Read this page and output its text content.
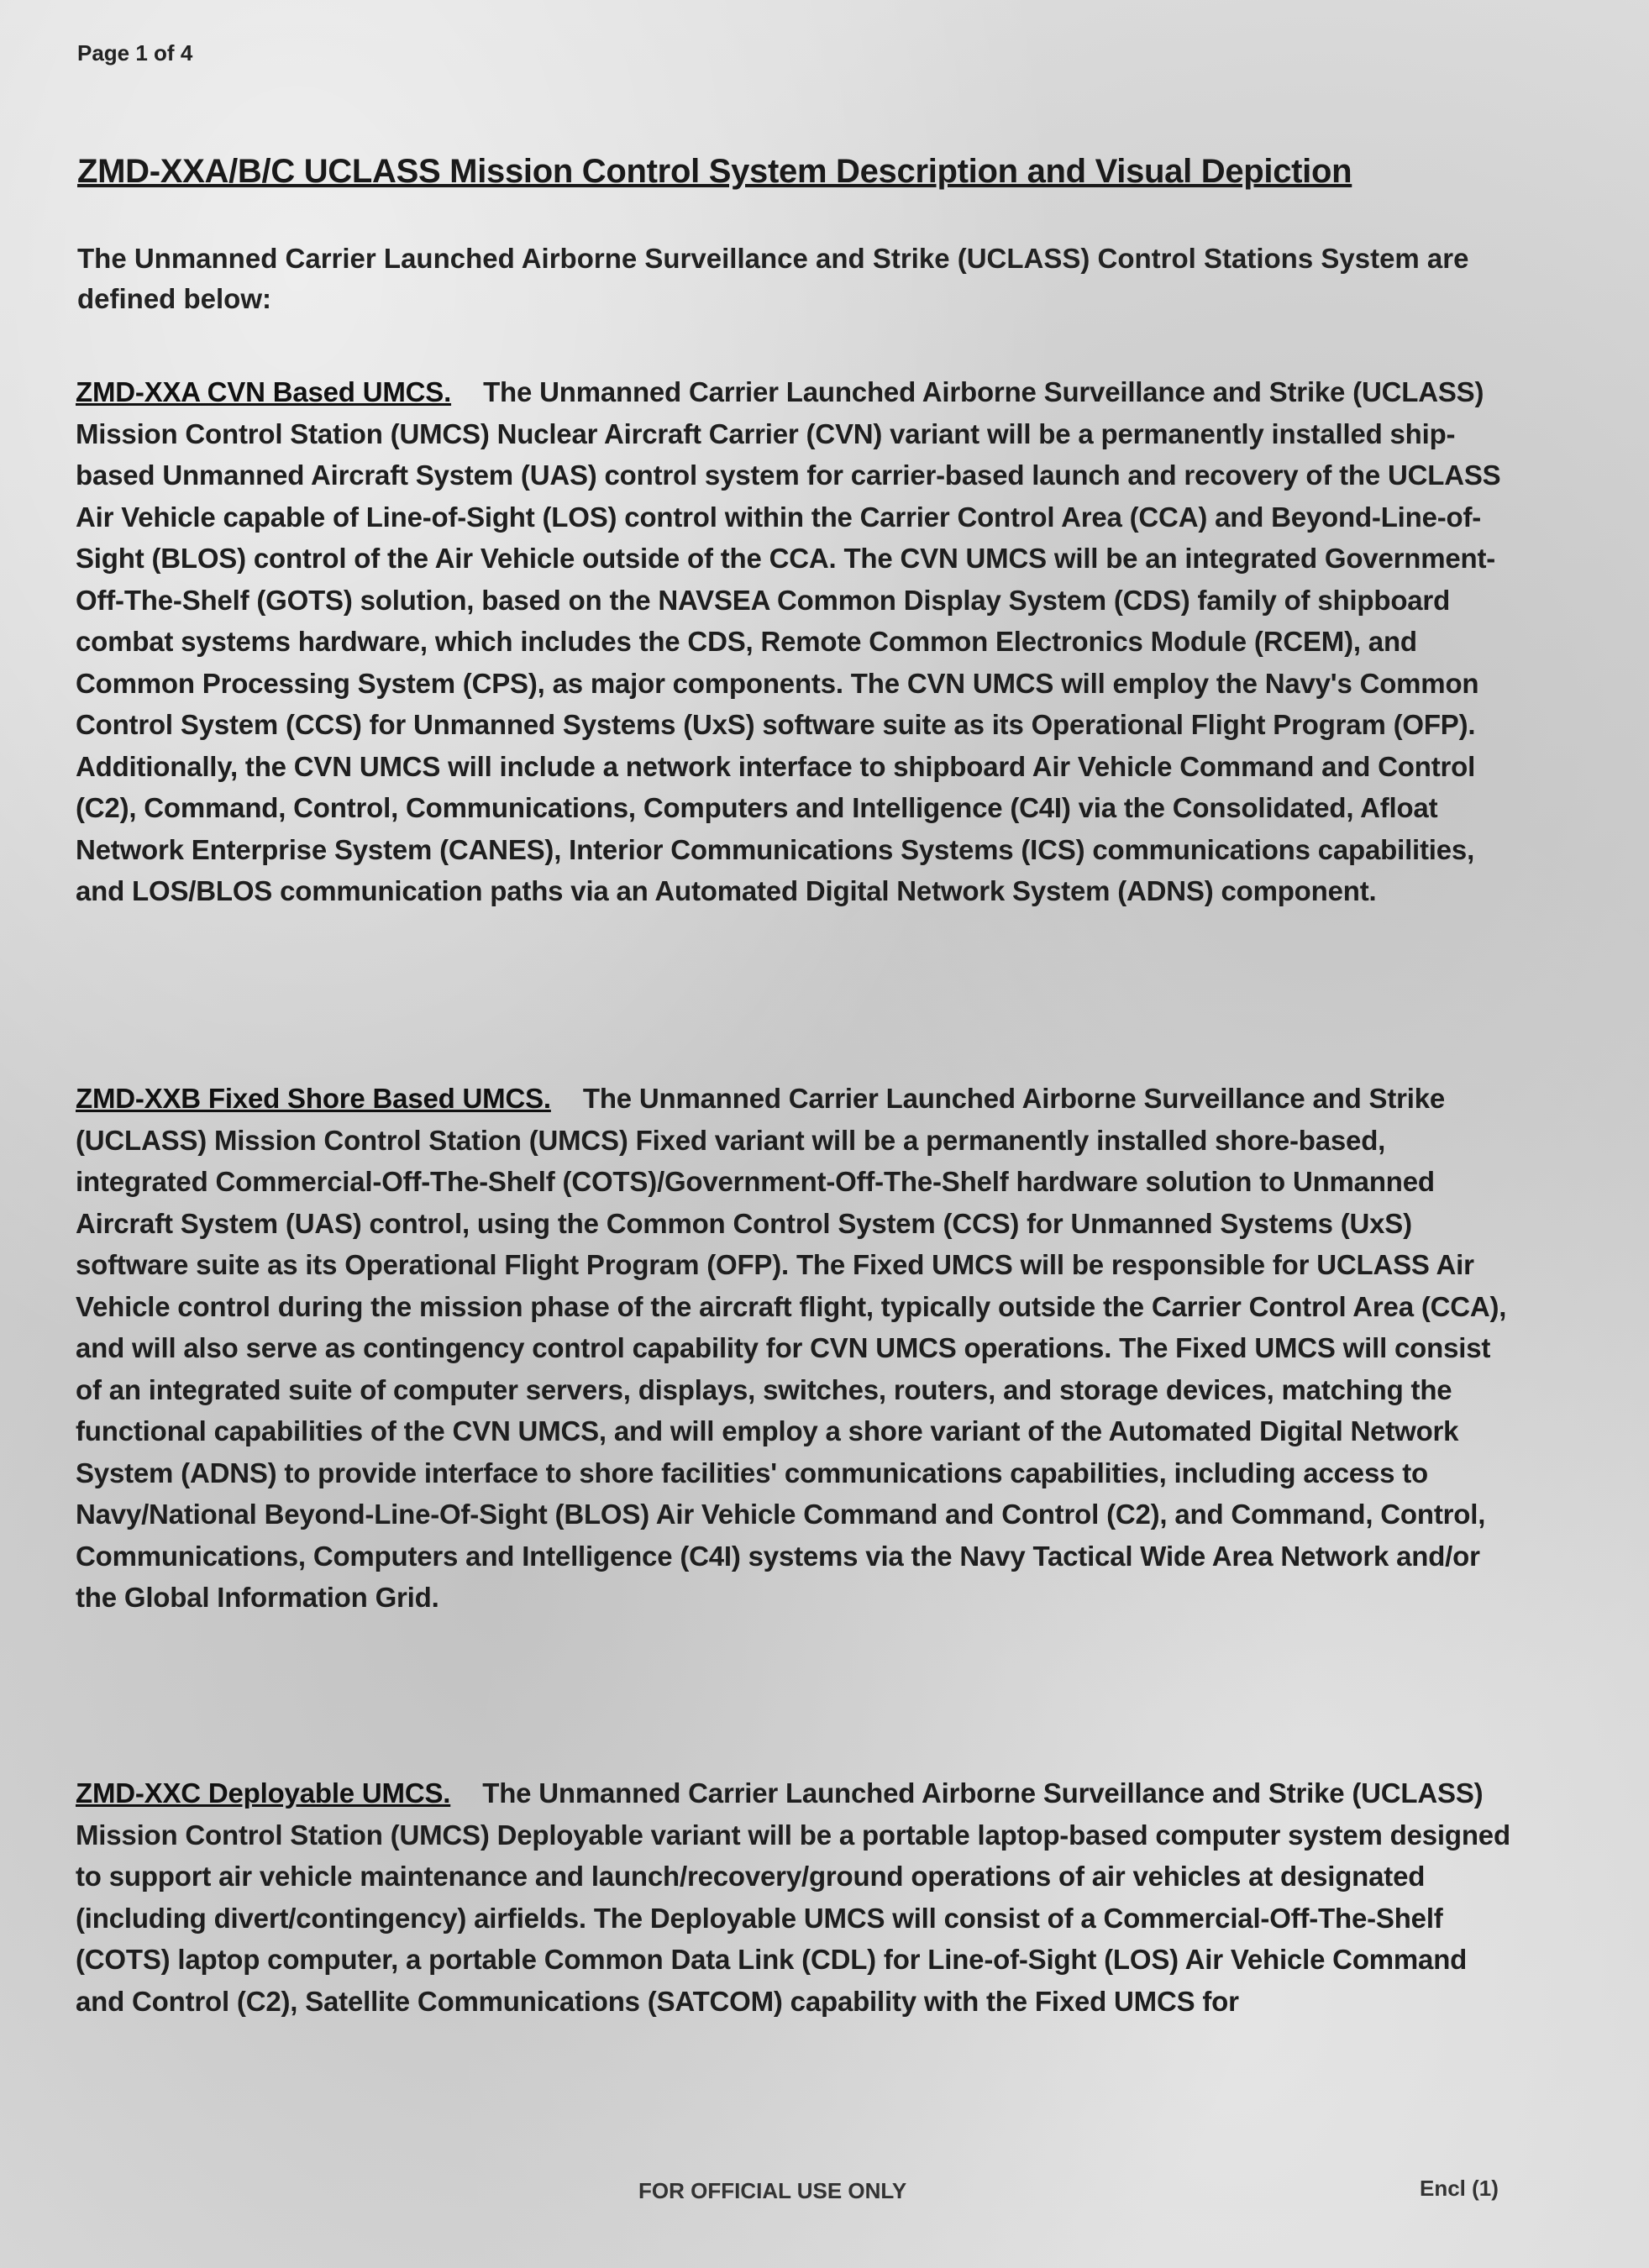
Page 1 of 4
ZMD-XXA/B/C UCLASS Mission Control System Description and Visual Depiction
The Unmanned Carrier Launched Airborne Surveillance and Strike (UCLASS) Control Stations System are defined below:
ZMD-XXA CVN Based UMCS. The Unmanned Carrier Launched Airborne Surveillance and Strike (UCLASS) Mission Control Station (UMCS) Nuclear Aircraft Carrier (CVN) variant will be a permanently installed ship-based Unmanned Aircraft System (UAS) control system for carrier-based launch and recovery of the UCLASS Air Vehicle capable of Line-of-Sight (LOS) control within the Carrier Control Area (CCA) and Beyond-Line-of-Sight (BLOS) control of the Air Vehicle outside of the CCA. The CVN UMCS will be an integrated Government-Off-The-Shelf (GOTS) solution, based on the NAVSEA Common Display System (CDS) family of shipboard combat systems hardware, which includes the CDS, Remote Common Electronics Module (RCEM), and Common Processing System (CPS), as major components. The CVN UMCS will employ the Navy's Common Control System (CCS) for Unmanned Systems (UxS) software suite as its Operational Flight Program (OFP). Additionally, the CVN UMCS will include a network interface to shipboard Air Vehicle Command and Control (C2), Command, Control, Communications, Computers and Intelligence (C4I) via the Consolidated, Afloat Network Enterprise System (CANES), Interior Communications Systems (ICS) communications capabilities, and LOS/BLOS communication paths via an Automated Digital Network System (ADNS) component.
ZMD-XXB Fixed Shore Based UMCS. The Unmanned Carrier Launched Airborne Surveillance and Strike (UCLASS) Mission Control Station (UMCS) Fixed variant will be a permanently installed shore-based, integrated Commercial-Off-The-Shelf (COTS)/Government-Off-The-Shelf hardware solution to Unmanned Aircraft System (UAS) control, using the Common Control System (CCS) for Unmanned Systems (UxS) software suite as its Operational Flight Program (OFP). The Fixed UMCS will be responsible for UCLASS Air Vehicle control during the mission phase of the aircraft flight, typically outside the Carrier Control Area (CCA), and will also serve as contingency control capability for CVN UMCS operations. The Fixed UMCS will consist of an integrated suite of computer servers, displays, switches, routers, and storage devices, matching the functional capabilities of the CVN UMCS, and will employ a shore variant of the Automated Digital Network System (ADNS) to provide interface to shore facilities' communications capabilities, including access to Navy/National Beyond-Line-Of-Sight (BLOS) Air Vehicle Command and Control (C2), and Command, Control, Communications, Computers and Intelligence (C4I) systems via the Navy Tactical Wide Area Network and/or the Global Information Grid.
ZMD-XXC Deployable UMCS. The Unmanned Carrier Launched Airborne Surveillance and Strike (UCLASS) Mission Control Station (UMCS) Deployable variant will be a portable laptop-based computer system designed to support air vehicle maintenance and launch/recovery/ground operations of air vehicles at designated (including divert/contingency) airfields. The Deployable UMCS will consist of a Commercial-Off-The-Shelf (COTS) laptop computer, a portable Common Data Link (CDL) for Line-of-Sight (LOS) Air Vehicle Command and Control (C2), Satellite Communications (SATCOM) capability with the Fixed UMCS for
FOR OFFICIAL USE ONLY	Encl (1)
